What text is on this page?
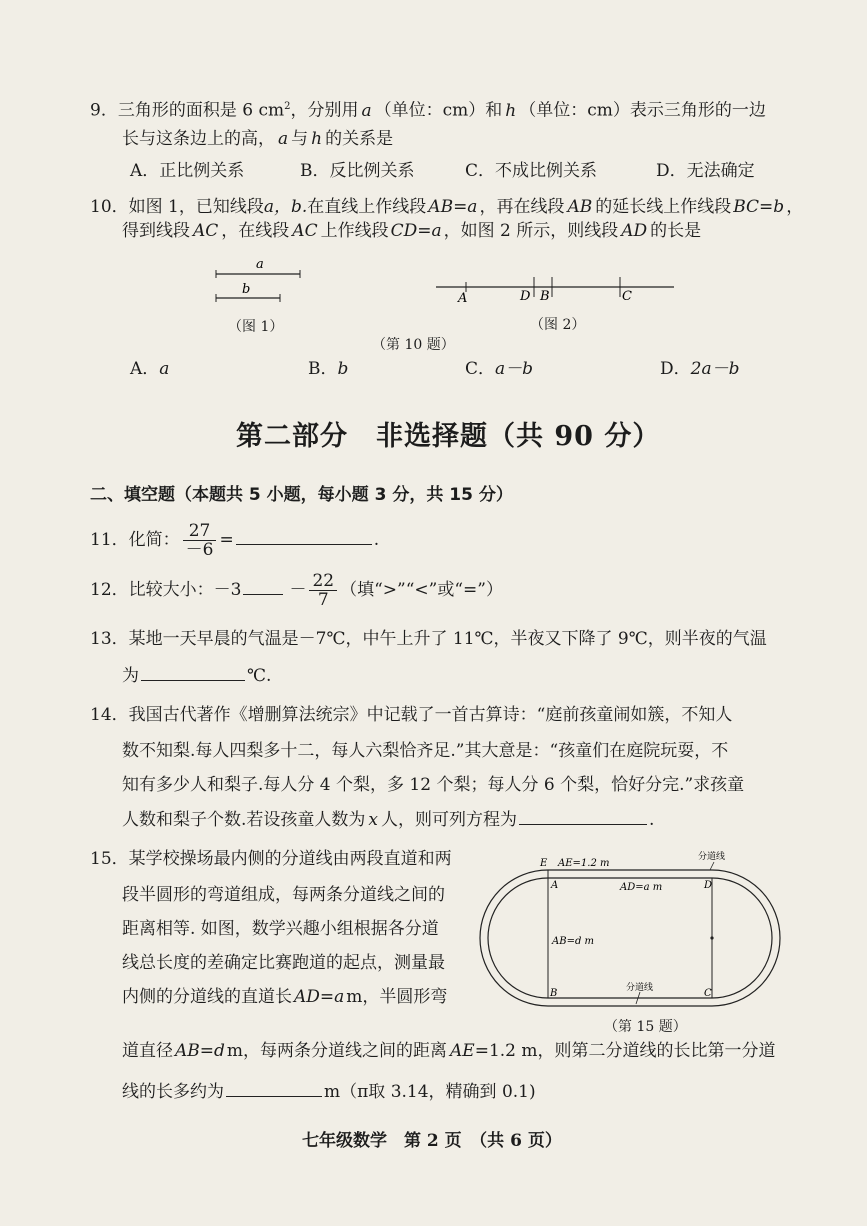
9．三角形的面积是 6 $cm^2$，分别用 a （单位：cm）和 h （单位：cm）表示三角形的一边
长与这条边上的高， a 与 h 的关系是
A．正比例关系	B．反比例关系	C．不成比例关系	D．无法确定
10．如图 1，已知线段a，b.在直线上作线段 AB=a ，再在线段 AB 的延长线上作线段 BC=b ，
得到线段 AC ，在线段 AC 上作线段 CD=a ，如图 2 所示，则线段 AD 的长是
a
b
A	D B	C
（图 1）	（图 2）
（第 10 题）
A．a	B．b	C．a－b	D．2a－b
第二部分　非选择题（共 90 分）
二、填空题（本题共 5 小题，每小题 3 分，共 15 分）
11．化简： $\frac{27}{-6}$ =	.
12．比较大小：－3	－ $\frac{22}{7}$ （填“>”“<”或“=”）
13．某地一天早晨的气温是－7℃，中午上升了 11℃，半夜又下降了 9℃，则半夜的气温
为	℃.
14．我国古代著作《增删算法统宗》中记载了一首古算诗：“庭前孩童闹如簇，不知人
数不知梨.每人四梨多十二，每人六梨恰齐足.”其大意是：“孩童们在庭院玩耍，不
知有多少人和梨子.每人分 4 个梨，多 12 个梨；每人分 6 个梨，恰好分完.”求孩童
人数和梨子个数.若设孩童人数为 x 人，则可列方程为	.
15．某学校操场最内侧的分道线由两段直道和两
段半圆形的弯道组成，每两条分道线之间的
距离相等. 如图，数学兴趣小组根据各分道
线总长度的差确定比赛跑道的起点，测量最
内侧的分道线的直道长 AD=a m，半圆形弯
道直径 AB=d m，每两条分道线之间的距离 AE=1.2 m，则第二分道线的长比第一分道
线的长多约为	m（π取 3.14，精确到 0.1)
E AE=1.2 m
分道线
A	D
AD=a m
AB=d m
B	C
分道线
（第 15 题）
七年级数学　第 2 页　（共 6 页）
